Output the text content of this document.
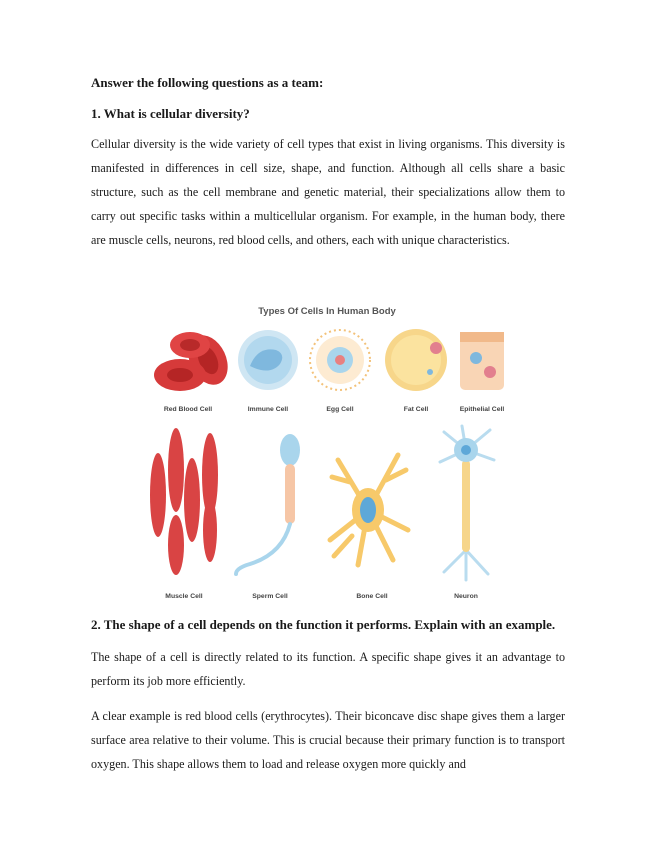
Answer the following questions as a team:
1. What is cellular diversity?

Cellular diversity is the wide variety of cell types that exist in living organisms. This diversity is manifested in differences in cell size, shape, and function. Although all cells share a basic structure, such as the cell membrane and genetic material, their specializations allow them to carry out specific tasks within a multicellular organism. For example, in the human body, there are muscle cells, neurons, red blood cells, and others, each with unique characteristics.

Types Of Cells In Human Body
Red Blood Cell	Immune Cell	Egg Cell	Fat Cell	Epithelial Cell
Muscle Cell	Sperm Cell	Bone Cell	Neuron
2. The shape of a cell depends on the function it performs. Explain with an example.

The shape of a cell is directly related to its function. A specific shape gives it an advantage to perform its job more efficiently.

A clear example is red blood cells (erythrocytes). Their biconcave disc shape gives them a larger surface area relative to their volume. This is crucial because their primary function is to transport oxygen. This shape allows them to load and release oxygen more quickly and
